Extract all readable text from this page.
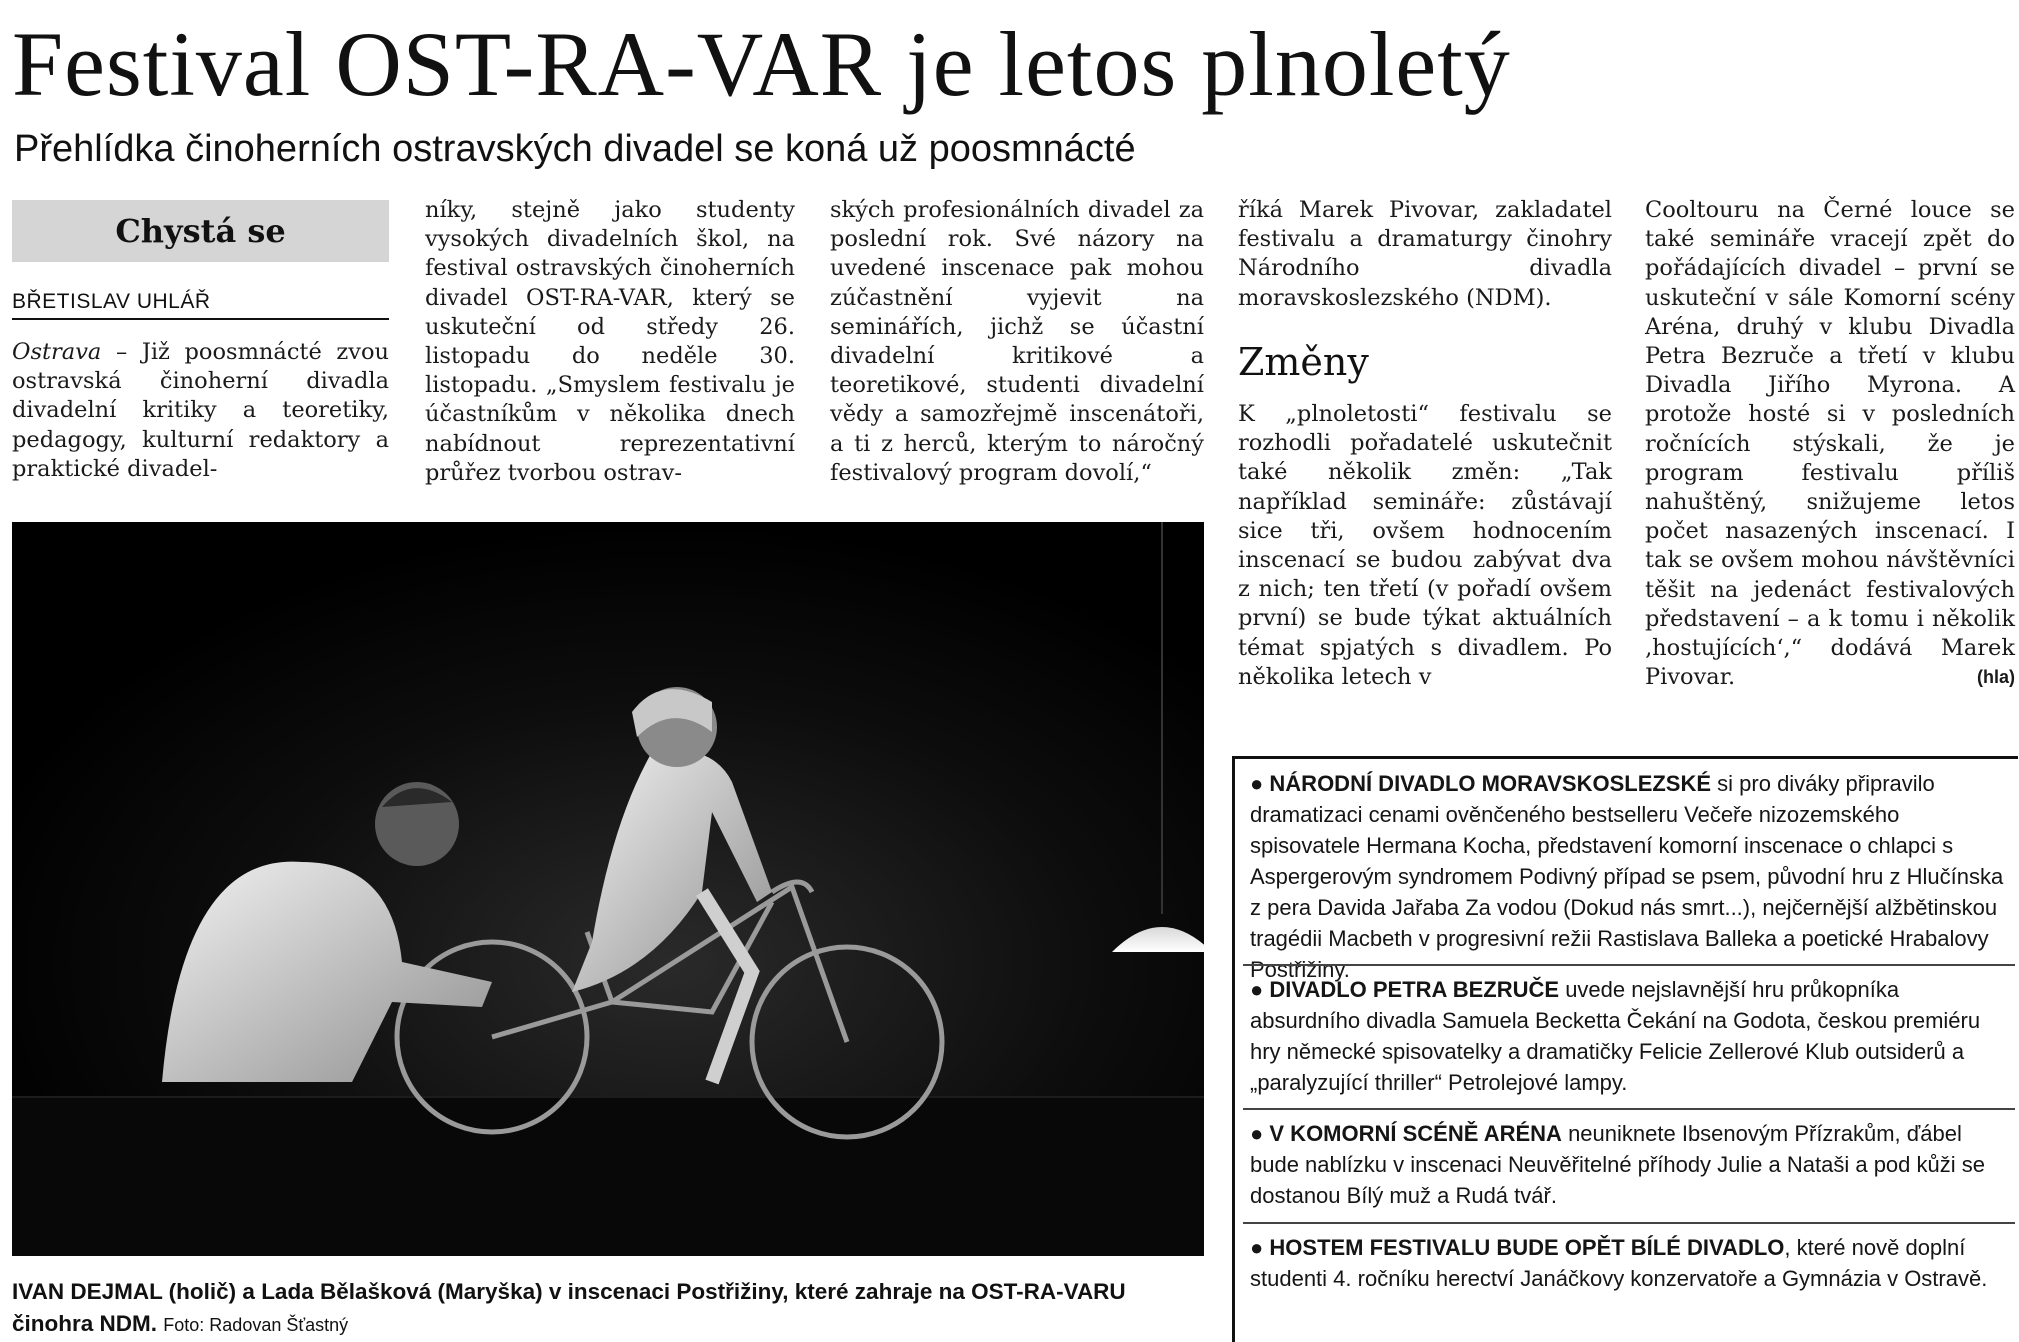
Festival OST-RA-VAR je letos plnoletý
Přehlídka činoherních ostravských divadel se koná už poosmnácté
Chystá se
BŘETISLAV UHLÁŘ

Ostrava – Již poosmnácté zvou ostravská činoherní divadla divadelní kritiky a teoretiky, pedagogy, kulturní redaktory a praktické divadel-

níky, stejně jako studenty vysokých divadelních škol, na festival ostravských činoherních divadel OST-RA-VAR, který se uskuteční od středy 26. listopadu do neděle 30. listopadu. „Smyslem festivalu je účastníkům v několika dnech nabídnout reprezentativní průřez tvorbou ostrav-

ských profesionálních divadel za poslední rok. Své názory na uvedené inscenace pak mohou zúčastnění vyjevit na seminářích, jichž se účastní divadelní kritikové a teoretikové, studenti divadelní vědy a samozřejmě inscenátoři, a ti z herců, kterým to náročný festivalový program dovolí,“

říká Marek Pivovar, zakladatel festivalu a dramaturgy činohry Národního divadla moravskoslezského (NDM).

Změny

K „plnoletosti“ festivalu se rozhodli pořadatelé uskutečnit také několik změn: „Tak například semináře: zůstávají sice tři, ovšem hodnocením inscenací se budou zabývat dva z nich; ten třetí (v pořadí ovšem první) se bude týkat aktuálních témat spjatých s divadlem. Po několika letech v

Cooltouru na Černé louce se také semináře vracejí zpět do pořádajících divadel – první se uskuteční v sále Komorní scény Aréna, druhý v klubu Divadla Petra Bezruče a třetí v klubu Divadla Jiřího Myrona. A protože hosté si v posledních ročnících stýskali, že je program festivalu příliš nahuštěný, snižujeme letos počet nasazených inscenací. I tak se ovšem mohou návštěvníci těšit na jedenáct festivalových představení – a k tomu i několik ‚hostujících‘,“ dodává Marek Pivovar.	(hla)

IVAN DEJMAL (holič) a Lada Bělašková (Maryška) v inscenaci Postřižiny, které zahraje na OST-RA-VARU činohra NDM. Foto: Radovan Šťastný
● NÁRODNÍ DIVADLO MORAVSKOSLEZSKÉ si pro diváky připravilo dramatizaci cenami ověnčeného bestselleru Večeře nizozemského spisovatele Hermana Kocha, představení komorní inscenace o chlapci s Aspergerovým syndromem Podivný případ se psem, původní hru z Hlučínska z pera Davida Jařaba Za vodou (Dokud nás smrt...), nejčernější alžbětinskou tragédii Macbeth v progresivní režii Rastislava Balleka a poetické Hrabalovy Postřižiny.
● DIVADLO PETRA BEZRUČE uvede nejslavnější hru průkopníka absurdního divadla Samuela Becketta Čekání na Godota, českou premiéru hry německé spisovatelky a dramatičky Felicie Zellerové Klub outsiderů a „paralyzující thriller“ Petrolejové lampy.
● V KOMORNÍ SCÉNĚ ARÉNA neuniknete Ibsenovým Přízrakům, ďábel bude nablízku v inscenaci Neuvěřitelné příhody Julie a Nataši a pod kůži se dostanou Bílý muž a Rudá tvář.
● HOSTEM FESTIVALU BUDE OPĚT BÍLÉ DIVADLO, které nově doplní studenti 4. ročníku herectví Janáčkovy konzervatoře a Gymnázia v Ostravě.
